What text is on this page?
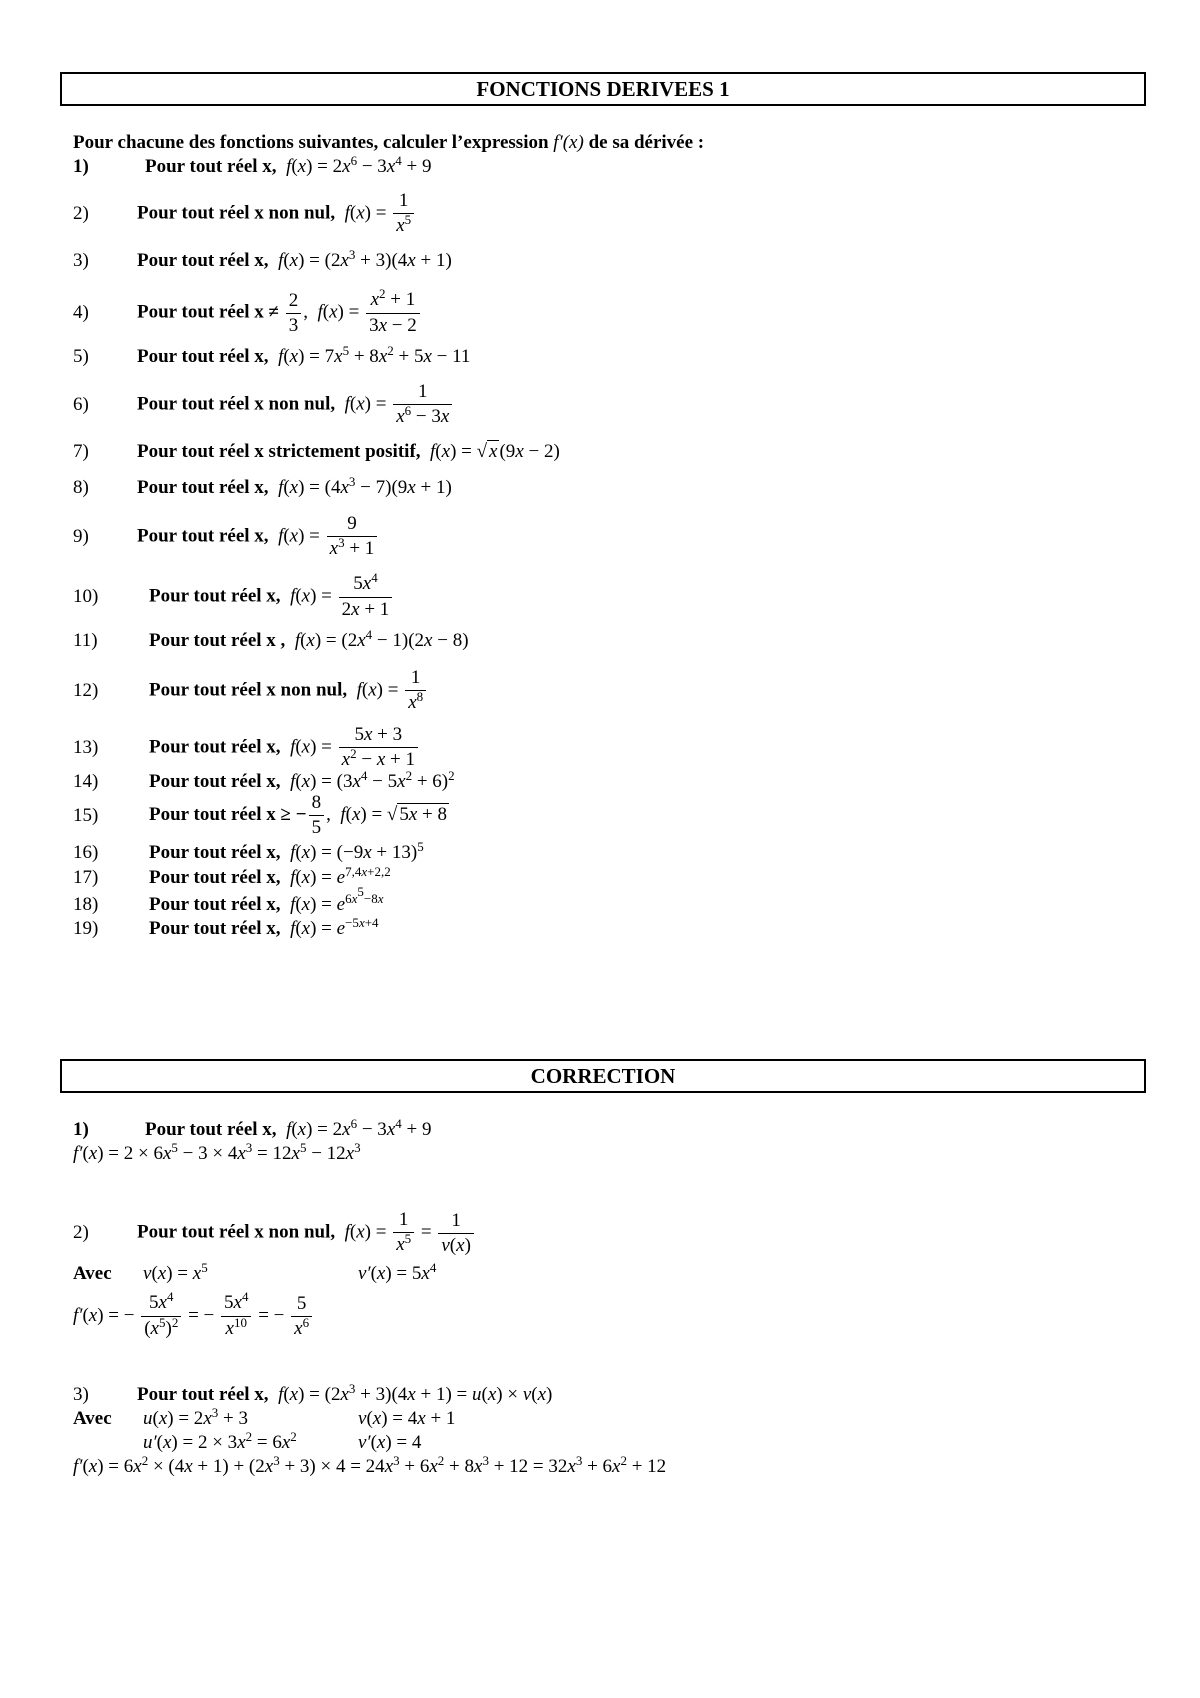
FONCTIONS DERIVEES 1
Pour chacune des fonctions suivantes, calculer l’expression f′(x) de sa dérivée :
1)	Pour tout réel x, $f(x) = 2x^6 - 3x^4 + 9$
2)	Pour tout réel x non nul, $f(x) = \frac{1}{x^5}$
3)	Pour tout réel x, $f(x) = (2x^3 + 3)(4x + 1)$
4)	Pour tout réel $x \ne \frac{2}{3}$ ,  $f(x) = \frac{x^2 + 1}{3x - 2}$
5)	Pour tout réel x, $f(x) = 7x^5 + 8x^2 + 5x - 11$
6)	Pour tout réel x non nul, $f(x) = \frac{1}{x^6 - 3x}$
7)	Pour tout réel x strictement positif, f(x) = √ x (9x − 2)
8)	Pour tout réel x, $f(x) = (4x^3 - 7)(9x + 1)$
9)	Pour tout réel x, $f(x) = \frac{9}{x^3 + 1}$
10)	Pour tout réel x, $f(x) = \frac{5x^4}{2x + 1}$
11)	Pour tout réel x , $f(x) = (2x^4 - 1)(2x - 8)$
12)	Pour tout réel x non nul, $f(x) = \frac{1}{x^8}$
13)	Pour tout réel x, $f(x) = \frac{5x + 3}{x^2 - x + 1}$
14)	Pour tout réel x, $f(x) = (3x^4 - 5x^2 + 6)^2$
15)	Pour tout réel x ≥ − $\frac{8}{5}$ ,  f(x) = √ 5x + 8
16)	Pour tout réel x, $f(x) = (-9x + 13)^5$
17)	Pour tout réel x, $f(x) = e^{7,4x+2,2}$
18)	Pour tout réel x, $f(x) = e^{6x^5-8x}$
19)	Pour tout réel x, $f(x) = e^{-5x+4}$
CORRECTION
1)	Pour tout réel x, $f(x) = 2x^6 - 3x^4 + 9$
$f'(x) = 2 \times 6x^5 - 3 \times 4x^3 = 12x^5 - 12x^3$
2)	Pour tout réel x non nul, $f(x) = \frac{1}{x^5} = \frac{1}{v(x)}$
Avec $v(x) = x^5$	$v'(x) = 5x^4$
f′(x) = − $\frac{5x^4}{(x^5)^2}$ = − $\frac{5x^4}{x^{10}}$ = − $\frac{5}{x^6}$
3)	Pour tout réel x, $f(x) = (2x^3 + 3)(4x + 1) = u(x) \times v(x)$
Avec $u(x) = 2x^3 + 3$	v(x) = 4x + 1
$u'(x) = 2 \times 3x^2 = 6x^2$	v′(x) = 4
$f'(x) = 6x^2 \times (4x + 1) + (2x^3 + 3) \times 4 = 24x^3 + 6x^2 + 8x^3 + 12 = 32x^3 + 6x^2 + 12$
